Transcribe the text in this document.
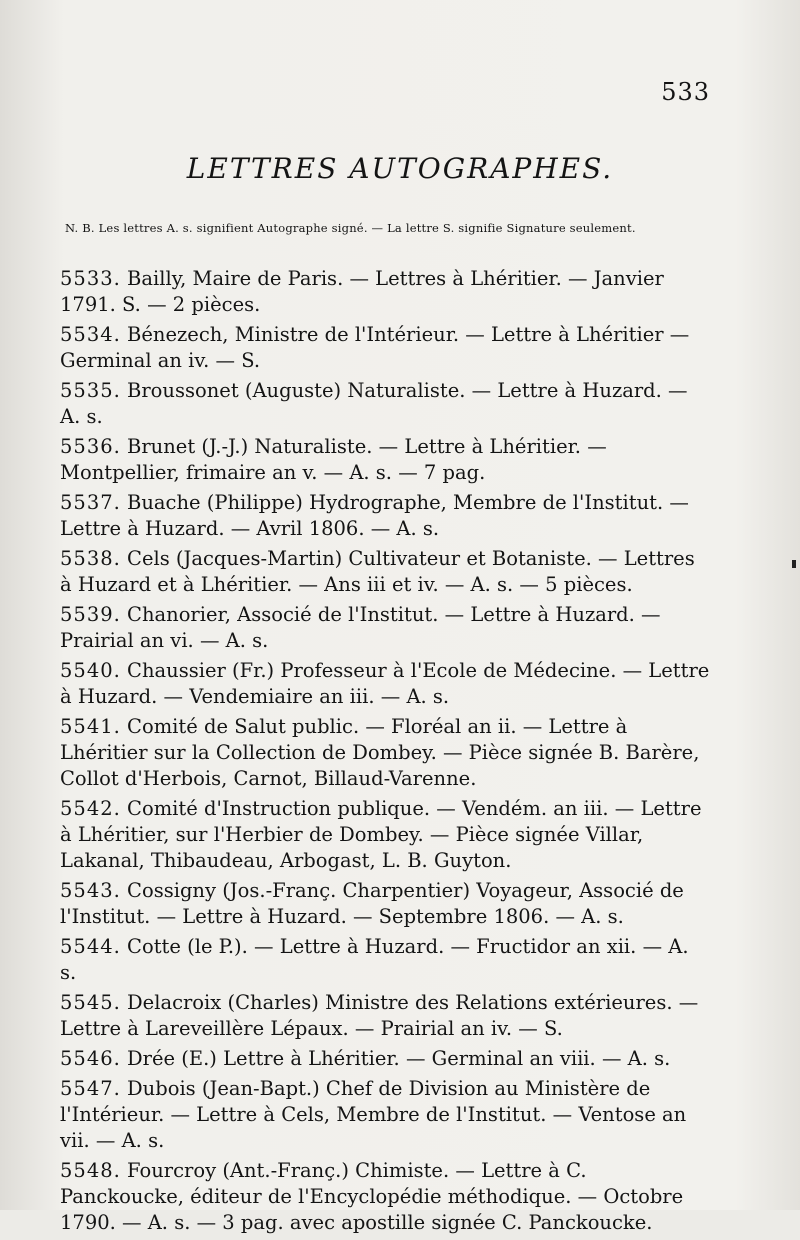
533
LETTRES AUTOGRAPHES.
N. B. Les lettres A. s. signifient Autographe signé. — La lettre S. signifie Signature seulement.
5533. Bailly, Maire de Paris. — Lettres à Lhéritier. — Janvier 1791. S. — 2 pièces.
5534. Bénezech, Ministre de l'Intérieur. — Lettre à Lhéritier — Germinal an iv. — S.
5535. Broussonet (Auguste) Naturaliste. — Lettre à Huzard. — A. s.
5536. Brunet (J.-J.) Naturaliste. — Lettre à Lhéritier. — Montpellier, frimaire an v. — A. s. — 7 pag.
5537. Buache (Philippe) Hydrographe, Membre de l'Institut. — Lettre à Huzard. — Avril 1806. — A. s.
5538. Cels (Jacques-Martin) Cultivateur et Botaniste. — Lettres à Huzard et à Lhéritier. — Ans iii et iv. — A. s. — 5 pièces.
5539. Chanorier, Associé de l'Institut. — Lettre à Huzard. — Prairial an vi. — A. s.
5540. Chaussier (Fr.) Professeur à l'Ecole de Médecine. — Lettre à Huzard. — Vendemiaire an iii. — A. s.
5541. Comité de Salut public. — Floréal an ii. — Lettre à Lhéritier sur la Collection de Dombey. — Pièce signée B. Barère, Collot d'Herbois, Carnot, Billaud-Varenne.
5542. Comité d'Instruction publique. — Vendém. an iii. — Lettre à Lhéritier, sur l'Herbier de Dombey. — Pièce signée Villar, Lakanal, Thibaudeau, Arbogast, L. B. Guyton.
5543. Cossigny (Jos.-Franç. Charpentier) Voyageur, Associé de l'Institut. — Lettre à Huzard. — Septembre 1806. — A. s.
5544. Cotte (le P.). — Lettre à Huzard. — Fructidor an xii. — A. s.
5545. Delacroix (Charles) Ministre des Relations extérieures. — Lettre à Lareveillère Lépaux. — Prairial an iv. — S.
5546. Drée (E.) Lettre à Lhéritier. — Germinal an viii. — A. s.
5547. Dubois (Jean-Bapt.) Chef de Division au Ministère de l'Intérieur. — Lettre à Cels, Membre de l'Institut. — Ventose an vii. — A. s.
5548. Fourcroy (Ant.-Franç.) Chimiste. — Lettre à C. Panckoucke, éditeur de l'Encyclopédie méthodique. — Octobre 1790. — A. s. — 3 pag. avec apostille signée C. Panckoucke.
